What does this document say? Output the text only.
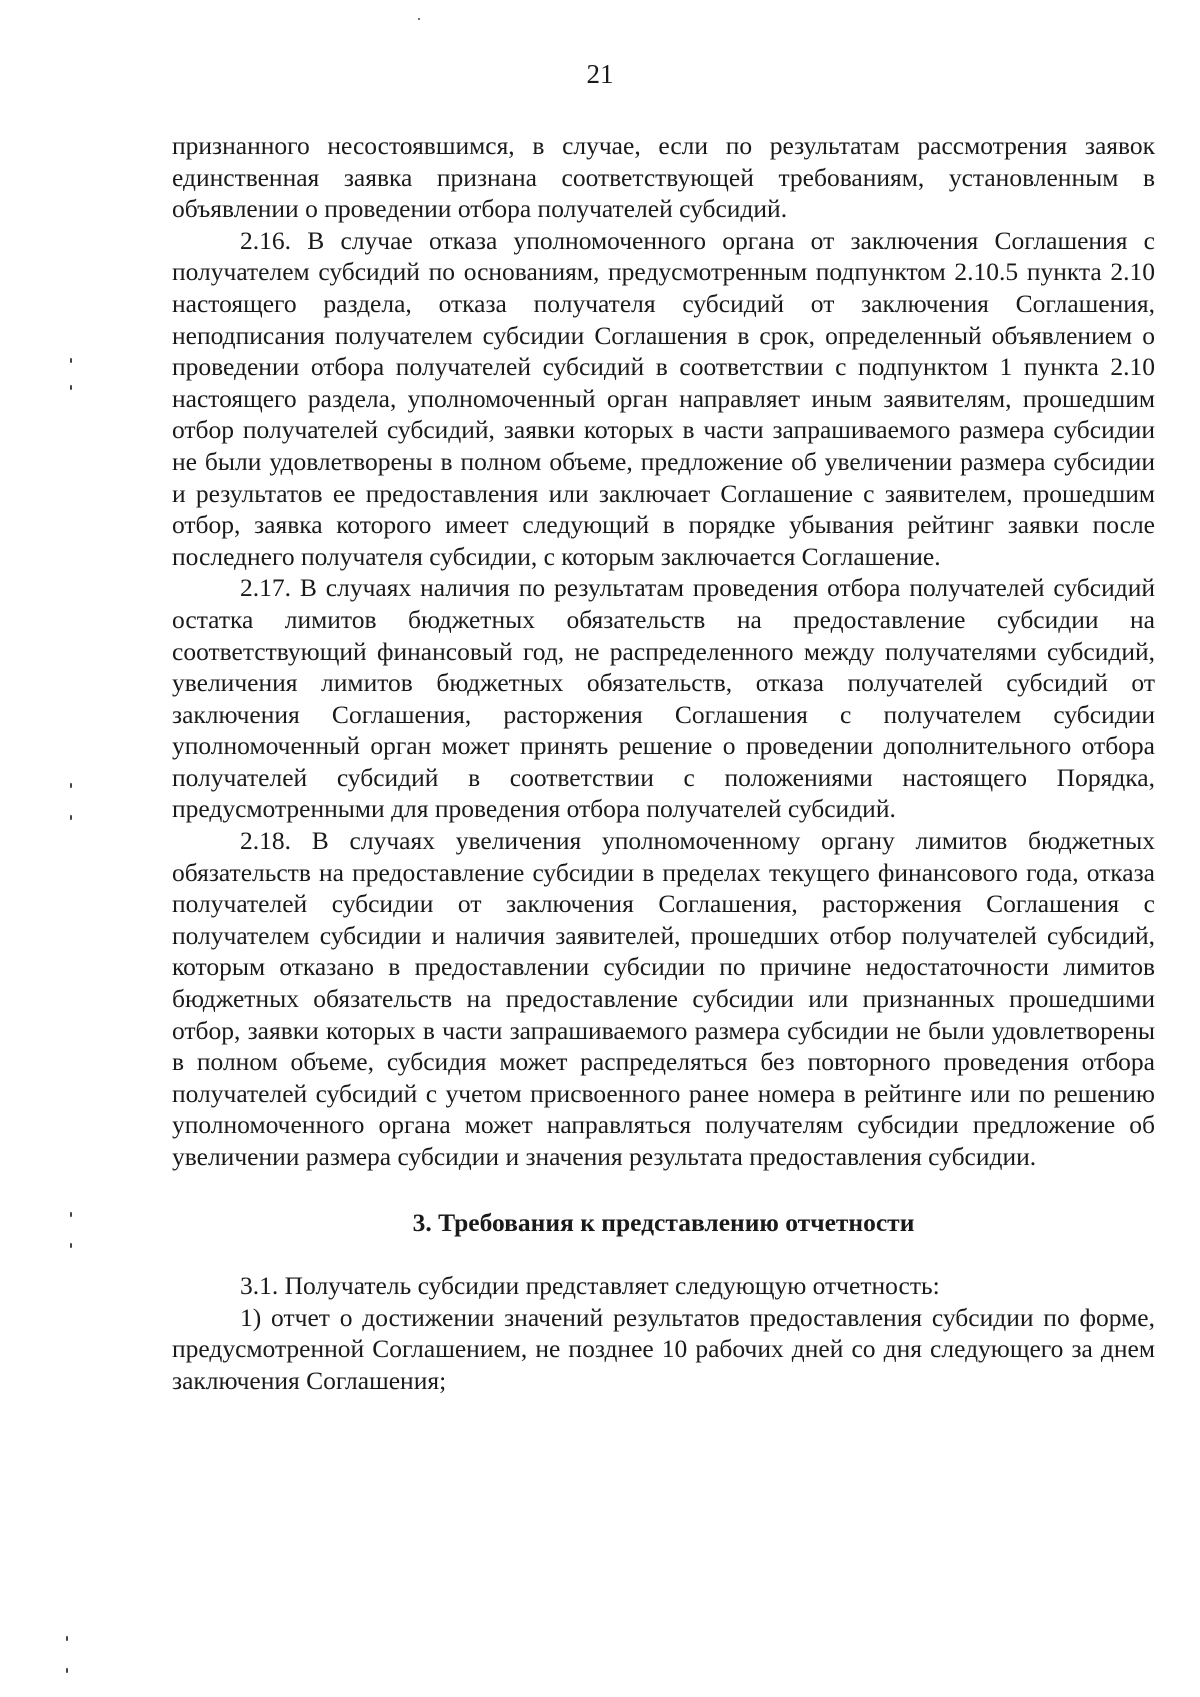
21

признанного несостоявшимся, в случае, если по результатам рассмотрения заявок единственная заявка признана соответствующей требованиям, установленным в объявлении о проведении отбора получателей субсидий.

2.16. В случае отказа уполномоченного органа от заключения Соглашения с получателем субсидий по основаниям, предусмотренным подпунктом 2.10.5 пункта 2.10 настоящего раздела, отказа получателя субсидий от заключения Соглашения, неподписания получателем субсидии Соглашения в срок, определенный объявлением о проведении отбора получателей субсидий в соответствии с подпунктом 1 пункта 2.10 настоящего раздела, уполномоченный орган направляет иным заявителям, прошедшим отбор получателей субсидий, заявки которых в части запрашиваемого размера субсидии не были удовлетворены в полном объеме, предложение об увеличении размера субсидии и результатов ее предоставления или заключает Соглашение с заявителем, прошедшим отбор, заявка которого имеет следующий в порядке убывания рейтинг заявки после последнего получателя субсидии, с которым заключается Соглашение.

2.17. В случаях наличия по результатам проведения отбора получателей субсидий остатка лимитов бюджетных обязательств на предоставление субсидии на соответствующий финансовый год, не распределенного между получателями субсидий, увеличения лимитов бюджетных обязательств, отказа получателей субсидий от заключения Соглашения, расторжения Соглашения с получателем субсидии уполномоченный орган может принять решение о проведении дополнительного отбора получателей субсидий в соответствии с положениями настоящего Порядка, предусмотренными для проведения отбора получателей субсидий.

2.18. В случаях увеличения уполномоченному органу лимитов бюджетных обязательств на предоставление субсидии в пределах текущего финансового года, отказа получателей субсидии от заключения Соглашения, расторжения Соглашения с получателем субсидии и наличия заявителей, прошедших отбор получателей субсидий, которым отказано в предоставлении субсидии по причине недостаточности лимитов бюджетных обязательств на предоставление субсидии или признанных прошедшими отбор, заявки которых в части запрашиваемого размера субсидии не были удовлетворены в полном объеме, субсидия может распределяться без повторного проведения отбора получателей субсидий с учетом присвоенного ранее номера в рейтинге или по решению уполномоченного органа может направляться получателям субсидии предложение об увеличении размера субсидии и значения результата предоставления субсидии.

3. Требования к представлению отчетности

3.1. Получатель субсидии представляет следующую отчетность:

1) отчет о достижении значений результатов предоставления субсидии по форме, предусмотренной Соглашением, не позднее 10 рабочих дней со дня следующего за днем заключения Соглашения;
